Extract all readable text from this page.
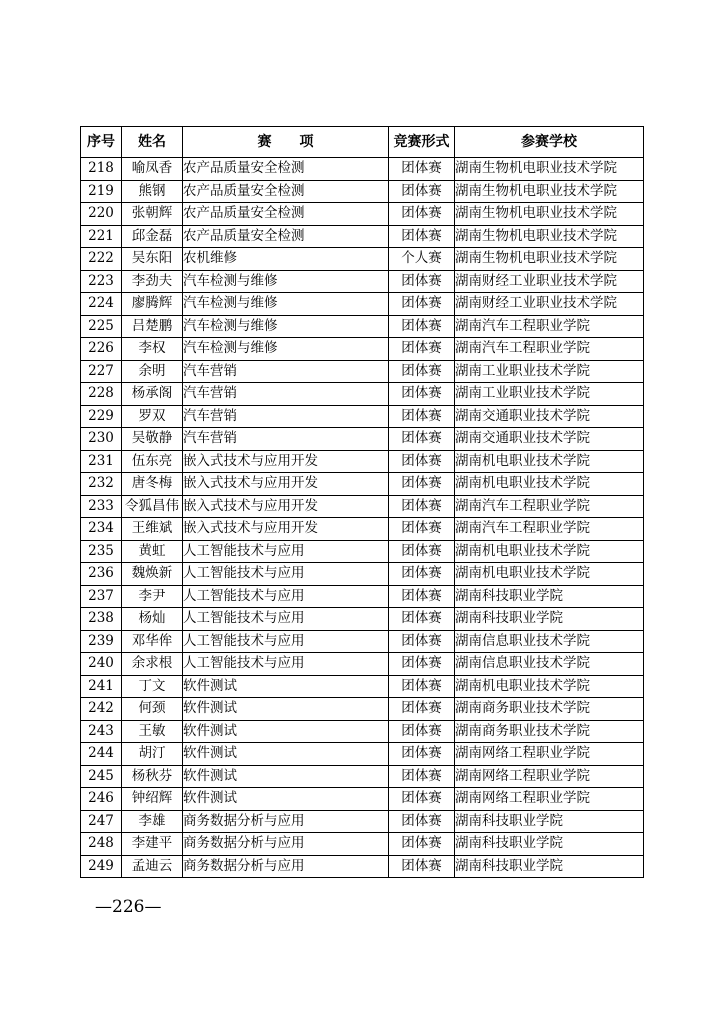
序号	姓名	赛　　项	竞赛形式	参赛学校
218	喻凤香	农产品质量安全检测	团体赛	湖南生物机电职业技术学院
219	熊钢	农产品质量安全检测	团体赛	湖南生物机电职业技术学院
220	张朝辉	农产品质量安全检测	团体赛	湖南生物机电职业技术学院
221	邱金磊	农产品质量安全检测	团体赛	湖南生物机电职业技术学院
222	吴东阳	农机维修	个人赛	湖南生物机电职业技术学院
223	李劲夫	汽车检测与维修	团体赛	湖南财经工业职业技术学院
224	廖腾辉	汽车检测与维修	团体赛	湖南财经工业职业技术学院
225	吕楚鹏	汽车检测与维修	团体赛	湖南汽车工程职业学院
226	李权	汽车检测与维修	团体赛	湖南汽车工程职业学院
227	余明	汽车营销	团体赛	湖南工业职业技术学院
228	杨承阁	汽车营销	团体赛	湖南工业职业技术学院
229	罗双	汽车营销	团体赛	湖南交通职业技术学院
230	吴敬静	汽车营销	团体赛	湖南交通职业技术学院
231	伍东亮	嵌入式技术与应用开发	团体赛	湖南机电职业技术学院
232	唐冬梅	嵌入式技术与应用开发	团体赛	湖南机电职业技术学院
233	令狐昌伟	嵌入式技术与应用开发	团体赛	湖南汽车工程职业学院
234	王维斌	嵌入式技术与应用开发	团体赛	湖南汽车工程职业学院
235	黄虹	人工智能技术与应用	团体赛	湖南机电职业技术学院
236	魏焕新	人工智能技术与应用	团体赛	湖南机电职业技术学院
237	李尹	人工智能技术与应用	团体赛	湖南科技职业学院
238	杨灿	人工智能技术与应用	团体赛	湖南科技职业学院
239	邓华侔	人工智能技术与应用	团体赛	湖南信息职业技术学院
240	余求根	人工智能技术与应用	团体赛	湖南信息职业技术学院
241	丁文	软件测试	团体赛	湖南机电职业技术学院
242	何颈	软件测试	团体赛	湖南商务职业技术学院
243	王敏	软件测试	团体赛	湖南商务职业技术学院
244	胡汀	软件测试	团体赛	湖南网络工程职业学院
245	杨秋芬	软件测试	团体赛	湖南网络工程职业学院
246	钟绍辉	软件测试	团体赛	湖南网络工程职业学院
247	李雄	商务数据分析与应用	团体赛	湖南科技职业学院
248	李建平	商务数据分析与应用	团体赛	湖南科技职业学院
249	孟迪云	商务数据分析与应用	团体赛	湖南科技职业学院
—226—
